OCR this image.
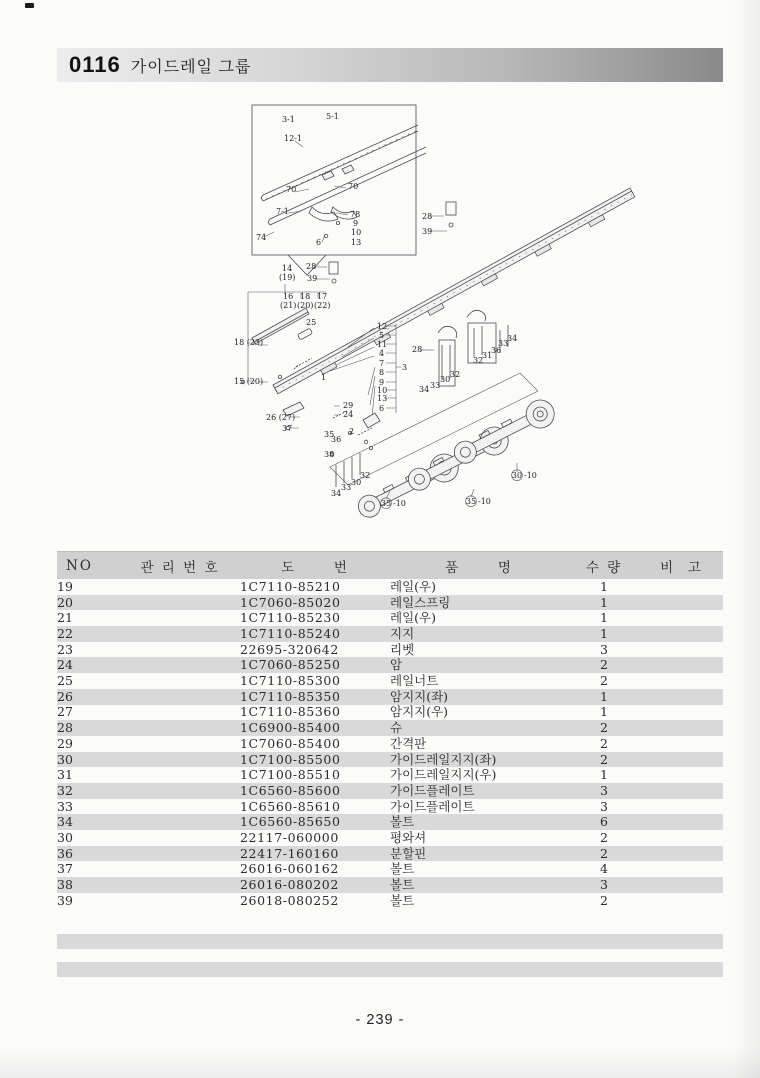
0116 가이드레일 그룹
3-1	5-1
12-1
70	70
7-1	78
9
10
13
6
74
28
39
28
39
14
(19)
16
(21)
18
(20)
17
(22)
25
18 (23)
15 (20)	1
12
5
11
4
7
8
9
10
13
6
3
28
32
30
33
34
31
32
36
33
34
29
24
26 (27)
37
35
36
2
38
34
33
30
32
35 -10	35 -10
30 -10
NO	관 리 번 호	도      번	품      명	수 량	비  고
19		1C7110-85210	레일(우)	1	
20		1C7060-85020	레일스프링	1	
21		1C7110-85230	레일(우)	1	
22		1C7110-85240	지지	1	
23		22695-320642	리벳	3	
24		1C7060-85250	암	2	
25		1C7110-85300	레일너트	2	
26		1C7110-85350	암지지(좌)	1	
27		1C7110-85360	암지지(우)	1	
28		1C6900-85400	슈	2	
29		1C7060-85400	간격판	2	
30		1C7100-85500	가이드레일지지(좌)	2	
31		1C7100-85510	가이드레일지지(우)	1	
32		1C6560-85600	가이드플레이트	3	
33		1C6560-85610	가이드플레이트	3	
34		1C6560-85650	볼트	6	
30		22117-060000	평와셔	2	
36		22417-160160	분할핀	2	
37		26016-060162	볼트	4	
38		26016-080202	볼트	3	
39		26018-080252	볼트	2	
- 239 -
